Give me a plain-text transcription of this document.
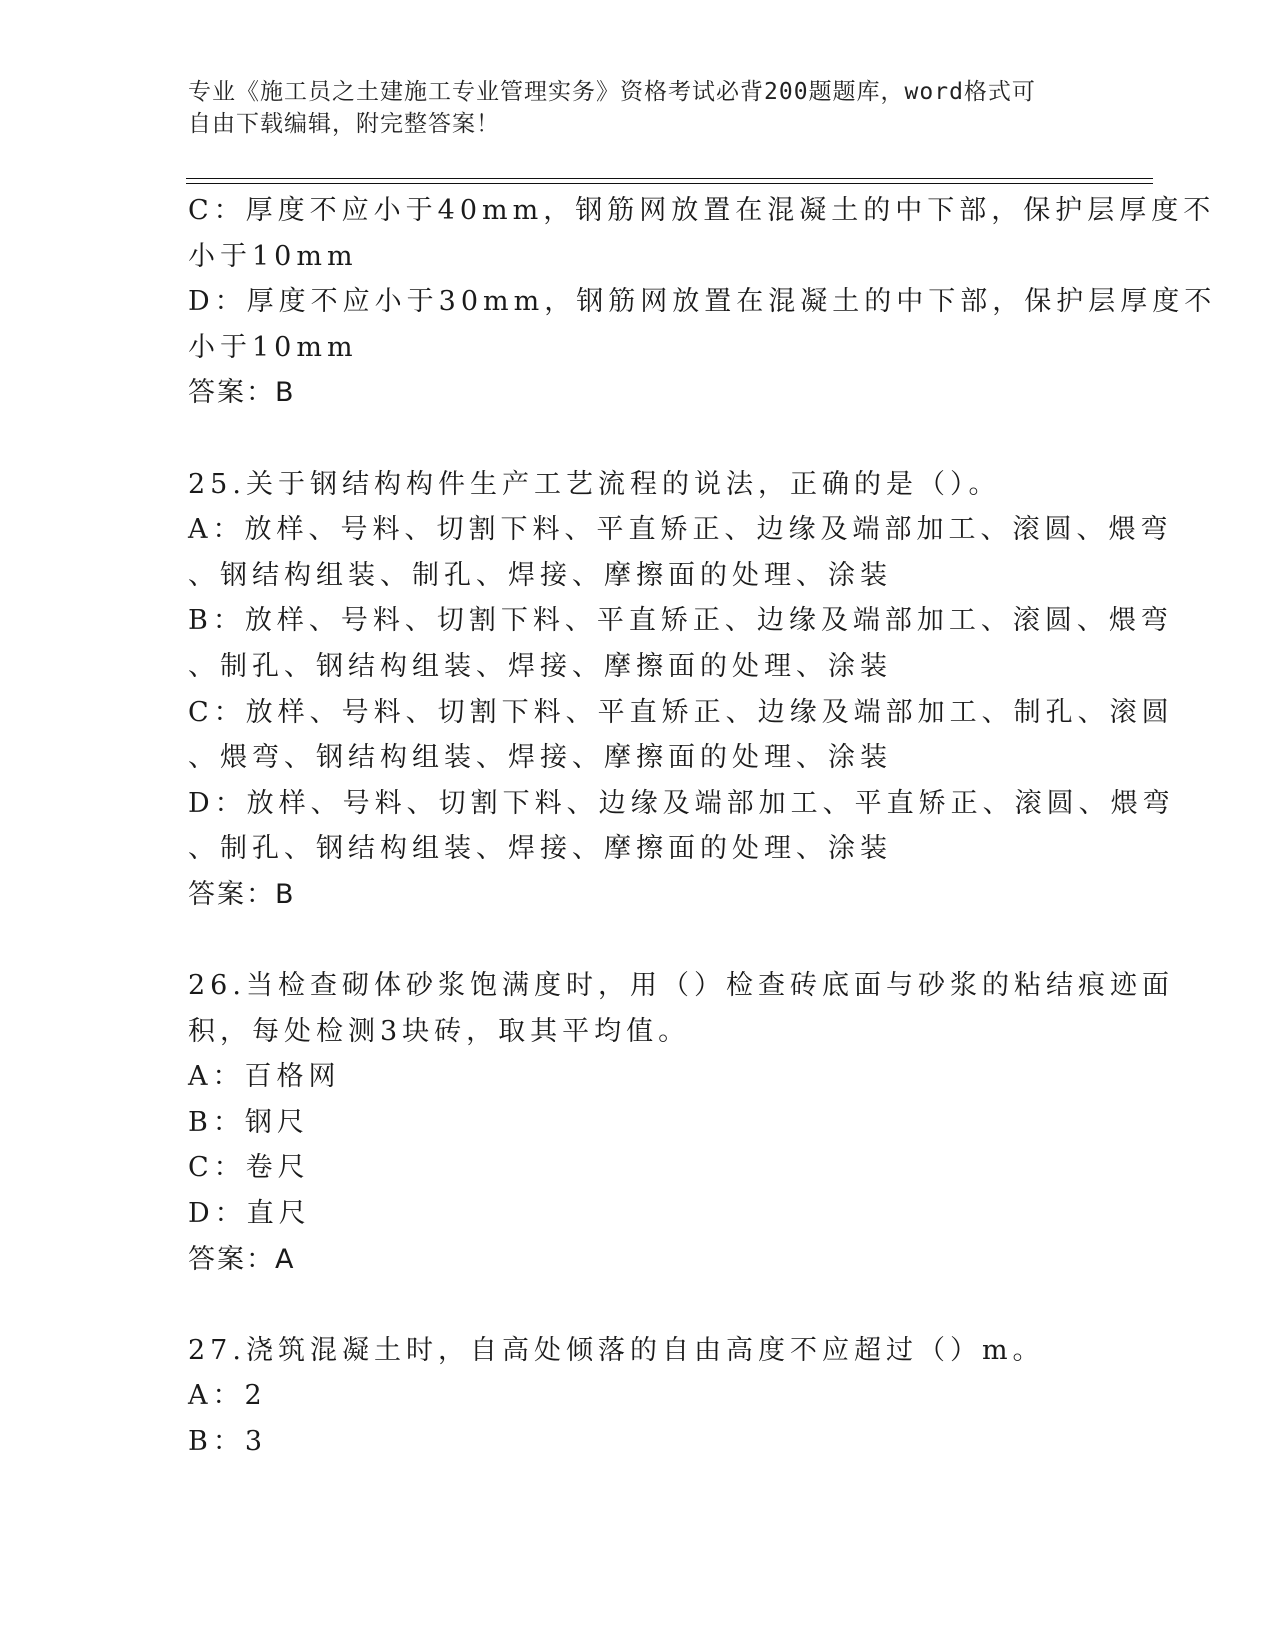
专业《施工员之土建施工专业管理实务》资格考试必背200题题库，word格式可
自由下载编辑，附完整答案！
C：厚度不应小于40mm，钢筋网放置在混凝土的中下部，保护层厚度不
小于10mm
D：厚度不应小于30mm，钢筋网放置在混凝土的中下部，保护层厚度不
小于10mm
答案：B
25.关于钢结构构件生产工艺流程的说法，正确的是（）。
A：放样、号料、切割下料、平直矫正、边缘及端部加工、滚圆、煨弯
、钢结构组装、制孔、焊接、摩擦面的处理、涂装
B：放样、号料、切割下料、平直矫正、边缘及端部加工、滚圆、煨弯
、制孔、钢结构组装、焊接、摩擦面的处理、涂装
C：放样、号料、切割下料、平直矫正、边缘及端部加工、制孔、滚圆
、煨弯、钢结构组装、焊接、摩擦面的处理、涂装
D：放样、号料、切割下料、边缘及端部加工、平直矫正、滚圆、煨弯
、制孔、钢结构组装、焊接、摩擦面的处理、涂装
答案：B
26.当检查砌体砂浆饱满度时，用（）检查砖底面与砂浆的粘结痕迹面
积，每处检测3块砖，取其平均值。
A：百格网
B：钢尺
C：卷尺
D：直尺
答案：A
27.浇筑混凝土时，自高处倾落的自由高度不应超过（）m。
A：2
B：3
